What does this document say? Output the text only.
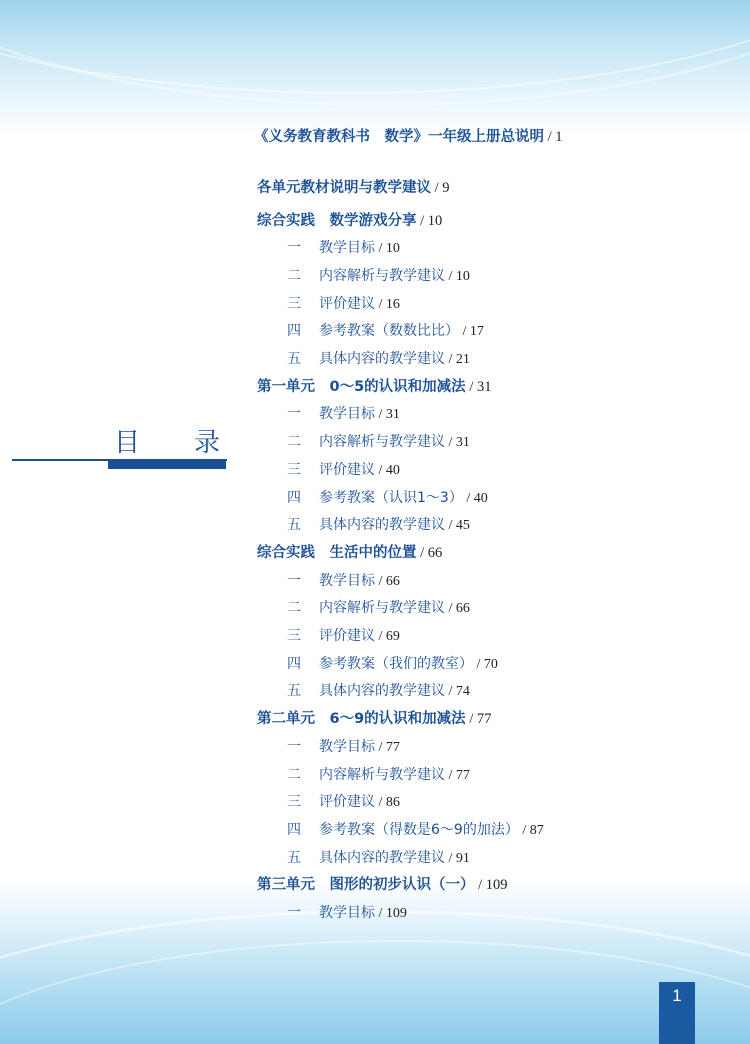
目 录
《义务教育教科书　数学》一年级上册总说明 / 1
各单元教材说明与教学建议 / 9
综合实践　数学游戏分享 / 10
一 教学目标 / 10
二 内容解析与教学建议 / 10
三 评价建议 / 16
四 参考教案（数数比比） / 17
五 具体内容的教学建议 / 21
第一单元　0～5的认识和加减法 / 31
一 教学目标 / 31
二 内容解析与教学建议 / 31
三 评价建议 / 40
四 参考教案（认识1～3） / 40
五 具体内容的教学建议 / 45
综合实践　生活中的位置 / 66
一 教学目标 / 66
二 内容解析与教学建议 / 66
三 评价建议 / 69
四 参考教案（我们的教室） / 70
五 具体内容的教学建议 / 74
第二单元　6～9的认识和加减法 / 77
一 教学目标 / 77
二 内容解析与教学建议 / 77
三 评价建议 / 86
四 参考教案（得数是6～9的加法） / 87
五 具体内容的教学建议 / 91
第三单元　图形的初步认识（一） / 109
一 教学目标 / 109
1
